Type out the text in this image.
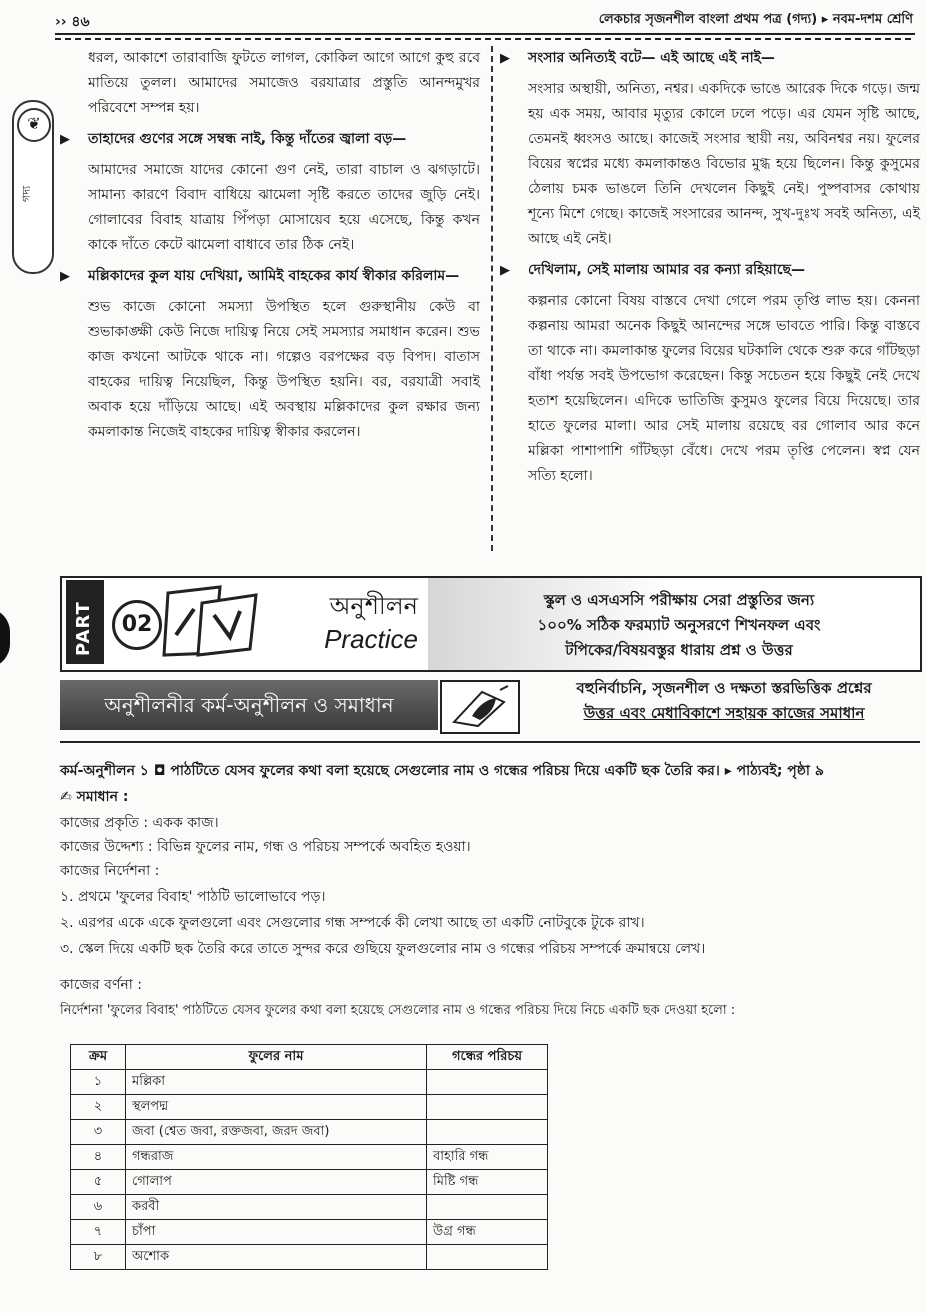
›› ৪৬	লেকচার সৃজনশীল বাংলা প্রথম পত্র (গদ্য) ▸ নবম-দশম শ্রেণি
❦
গদ্য

ধরল, আকাশে তারাবাজি ফুটতে লাগল, কোকিল আগে আগে কুহু রবে মাতিয়ে তুলল। আমাদের সমাজেও বরযাত্রার প্রস্তুতি আনন্দমুখর পরিবেশে সম্পন্ন হয়।

▶ তাহাদের গুণের সঙ্গে সম্বন্ধ নাই, কিন্তু দাঁতের জ্বালা বড়—

আমাদের সমাজে যাদের কোনো গুণ নেই, তারা বাচাল ও ঝগড়াটে। সামান্য কারণে বিবাদ বাধিয়ে ঝামেলা সৃষ্টি করতে তাদের জুড়ি নেই। গোলাবের বিবাহ যাত্রায় পিঁপড়া মোসায়েব হয়ে এসেছে, কিন্তু কখন কাকে দাঁতে কেটে ঝামেলা বাধাবে তার ঠিক নেই।

▶ মল্লিকাদের কুল যায় দেখিয়া, আমিই বাহকের কার্য স্বীকার করিলাম—

শুভ কাজে কোনো সমস্যা উপস্থিত হলে গুরুস্থানীয় কেউ বা শুভাকাঙ্ক্ষী কেউ নিজে দায়িত্ব নিয়ে সেই সমস্যার সমাধান করেন। শুভ কাজ কখনো আটকে থাকে না। গল্পেও বরপক্ষের বড় বিপদ। বাতাস বাহকের দায়িত্ব নিয়েছিল, কিন্তু উপস্থিত হয়নি। বর, বরযাত্রী সবাই অবাক হয়ে দাঁড়িয়ে আছে। এই অবস্থায় মল্লিকাদের কুল রক্ষার জন্য কমলাকান্ত নিজেই বাহকের দায়িত্ব স্বীকার করলেন।

▶ সংসার অনিত্যই বটে— এই আছে এই নাই—

সংসার অস্থায়ী, অনিত্য, নশ্বর। একদিকে ভাঙে আরেক দিকে গড়ে। জন্ম হয় এক সময়, আবার মৃত্যুর কোলে ঢলে পড়ে। এর যেমন সৃষ্টি আছে, তেমনই ধ্বংসও আছে। কাজেই সংসার স্থায়ী নয়, অবিনশ্বর নয়। ফুলের বিয়ের স্বপ্নের মধ্যে কমলাকান্তও বিভোর মুগ্ধ হয়ে ছিলেন। কিন্তু কুসুমের ঠেলায় চমক ভাঙলে তিনি দেখলেন কিছুই নেই। পুষ্পবাসর কোথায় শূন্যে মিশে গেছে। কাজেই সংসারের আনন্দ, সুখ-দুঃখ সবই অনিত্য, এই আছে এই নেই।

▶ দেখিলাম, সেই মালায় আমার বর কন্যা রহিয়াছে—

কল্পনার কোনো বিষয় বাস্তবে দেখা গেলে পরম তৃপ্তি লাভ হয়। কেননা কল্পনায় আমরা অনেক কিছুই আনন্দের সঙ্গে ভাবতে পারি। কিন্তু বাস্তবে তা থাকে না। কমলাকান্ত ফুলের বিয়ের ঘটকালি থেকে শুরু করে গাঁটছড়া বাঁধা পর্যন্ত সবই উপভোগ করেছেন। কিন্তু সচেতন হয়ে কিছুই নেই দেখে হতাশ হয়েছিলেন। এদিকে ভাতিজি কুসুমও ফুলের বিয়ে দিয়েছে। তার হাতে ফুলের মালা। আর সেই মালায় রয়েছে বর গোলাব আর কনে মল্লিকা পাশাপাশি গাঁটছড়া বেঁধে। দেখে পরম তৃপ্তি পেলেন। স্বপ্ন যেন সত্যি হলো।

PART	02
অনুশীলন
Practice
স্কুল ও এসএসসি পরীক্ষায় সেরা প্রস্তুতির জন্য
১০০% সঠিক ফরম্যাট অনুসরণে শিখনফল এবং
টপিকের/বিষয়বস্তুর ধারায় প্রশ্ন ও উত্তর
অনুশীলনীর কর্ম-অনুশীলন ও সমাধান
বহুনির্বাচনি, সৃজনশীল ও দক্ষতা স্তরভিত্তিক প্রশ্নের
উত্তর এবং মেধাবিকাশে সহায়ক কাজের সমাধান
কর্ম-অনুশীলন ১ ◘ পাঠটিতে যেসব ফুলের কথা বলা হয়েছে সেগুলোর নাম ও গন্ধের পরিচয় দিয়ে একটি ছক তৈরি কর। ▸ পাঠ্যবই; পৃষ্ঠা ৯
✍ সমাধান :
কাজের প্রকৃতি : একক কাজ।
কাজের উদ্দেশ্য : বিভিন্ন ফুলের নাম, গন্ধ ও পরিচয় সম্পর্কে অবহিত হওয়া।
কাজের নির্দেশনা :
১. প্রথমে 'ফুলের বিবাহ' পাঠটি ভালোভাবে পড়।
২. এরপর একে একে ফুলগুলো এবং সেগুলোর গন্ধ সম্পর্কে কী লেখা আছে তা একটি নোটবুকে টুকে রাখ।
৩. স্কেল দিয়ে একটি ছক তৈরি করে তাতে সুন্দর করে গুছিয়ে ফুলগুলোর নাম ও গন্ধের পরিচয় সম্পর্কে ক্রমান্বয়ে লেখ।
কাজের বর্ণনা :
নির্দেশনা 'ফুলের বিবাহ' পাঠটিতে যেসব ফুলের কথা বলা হয়েছে সেগুলোর নাম ও গন্ধের পরিচয় দিয়ে নিচে একটি ছক দেওয়া হলো :
ক্রম	ফুলের নাম	গন্ধের পরিচয়
১	মল্লিকা	
২	স্থলপদ্ম	
৩	জবা (শ্বেত জবা, রক্তজবা, জরদ জবা)	
৪	গন্ধরাজ	বাহারি গন্ধ
৫	গোলাপ	মিষ্টি গন্ধ
৬	করবী	
৭	চাঁপা	উগ্র গন্ধ
৮	অশোক	
